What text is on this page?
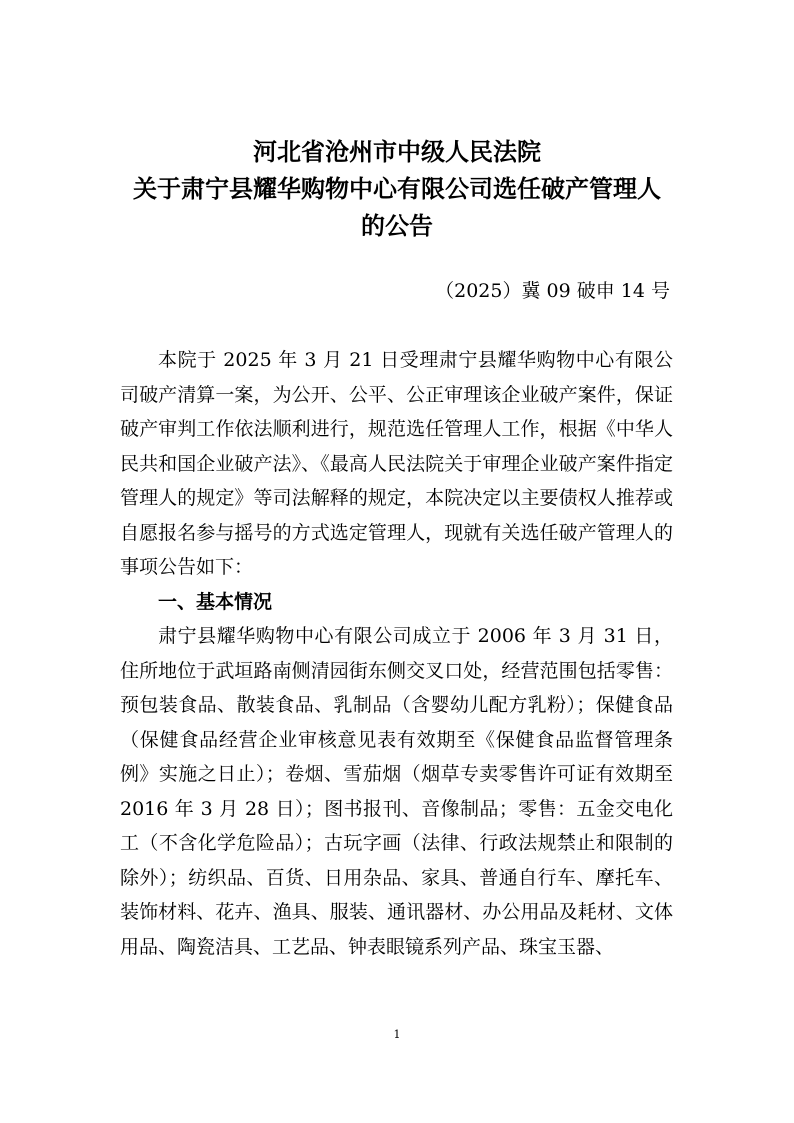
河北省沧州市中级人民法院
关于肃宁县耀华购物中心有限公司选任破产管理人
的公告
（2025）冀 09 破申 14 号

本院于 2025 年 3 月 21 日受理肃宁县耀华购物中心有限公司破产清算一案，为公开、公平、公正审理该企业破产案件，保证破产审判工作依法顺利进行，规范选任管理人工作，根据《中华人民共和国企业破产法》、《最高人民法院关于审理企业破产案件指定管理人的规定》等司法解释的规定，本院决定以主要债权人推荐或自愿报名参与摇号的方式选定管理人，现就有关选任破产管理人的事项公告如下：

一、基本情况

肃宁县耀华购物中心有限公司成立于 2006 年 3 月 31 日，住所地位于武垣路南侧清园街东侧交叉口处，经营范围包括零售：预包装食品、散装食品、乳制品（含婴幼儿配方乳粉）；保健食品（保健食品经营企业审核意见表有效期至《保健食品监督管理条例》实施之日止）；卷烟、雪茄烟（烟草专卖零售许可证有效期至 2016 年 3 月 28 日）；图书报刊、音像制品；零售：五金交电化工（不含化学危险品）；古玩字画（法律、行政法规禁止和限制的除外）；纺织品、百货、日用杂品、家具、普通自行车、摩托车、装饰材料、花卉、渔具、服装、通讯器材、办公用品及耗材、文体用品、陶瓷洁具、工艺品、钟表眼镜系列产品、珠宝玉器、

1
